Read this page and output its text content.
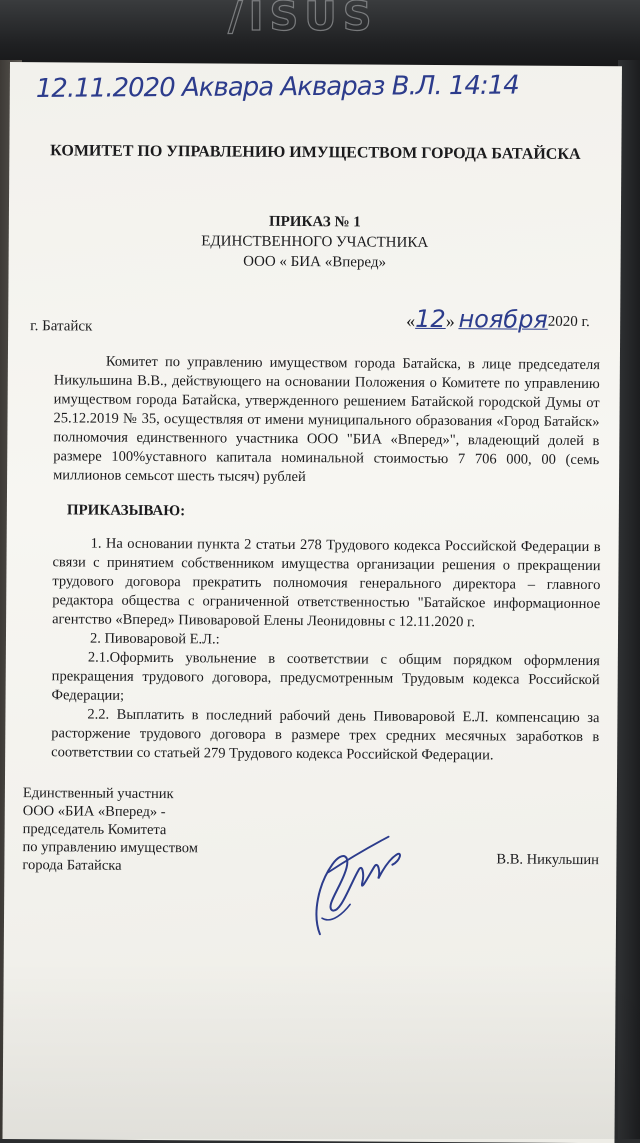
/ISUS
12.11.2020 Аквара Аквараз В.Л. 14:14
КОМИТЕТ ПО УПРАВЛЕНИЮ ИМУЩЕСТВОМ ГОРОДА БАТАЙСКА
ПРИКАЗ № 1
ЕДИНСТВЕННОГО УЧАСТНИКА
ООО « БИА «Вперед»
г. Батайск	«12» ноября2020 г.

Комитет по управлению имуществом города Батайска, в лице председателя Никульшина В.В., действующего на основании Положения о Комитете по управлению имуществом города Батайска, утвержденного решением Батайской городской Думы от 25.12.2019 № 35, осуществляя от имени муниципального образования «Город Батайск» полномочия единственного участника ООО "БИА «Вперед»", владеющий долей в размере 100%уставного капитала номинальной стоимостью 7 706 000, 00 (семь миллионов семьсот шесть тысяч) рублей

ПРИКАЗЫВАЮ:

1. На основании пункта 2 статьи 278 Трудового кодекса Российской Федерации в связи с принятием собственником имущества организации решения о прекращении трудового договора прекратить полномочия генерального директора – главного редактора общества с ограниченной ответственностью "Батайское информационное агентство «Вперед» Пивоваровой Елены Леонидовны с 12.11.2020 г.

2. Пивоваровой Е.Л.:

2.1.Оформить увольнение в соответствии с общим порядком оформления прекращения трудового договора, предусмотренным Трудовым кодекса Российской Федерации;

2.2. Выплатить в последний рабочий день Пивоваровой Е.Л. компенсацию за расторжение трудового договора в размере трех средних месячных заработков в соответствии со статьей 279 Трудового кодекса Российской Федерации.

Единственный участник
ООО «БИА «Вперед» -
председатель Комитета
по управлению имуществом
города Батайска	В.В. Никульшин
